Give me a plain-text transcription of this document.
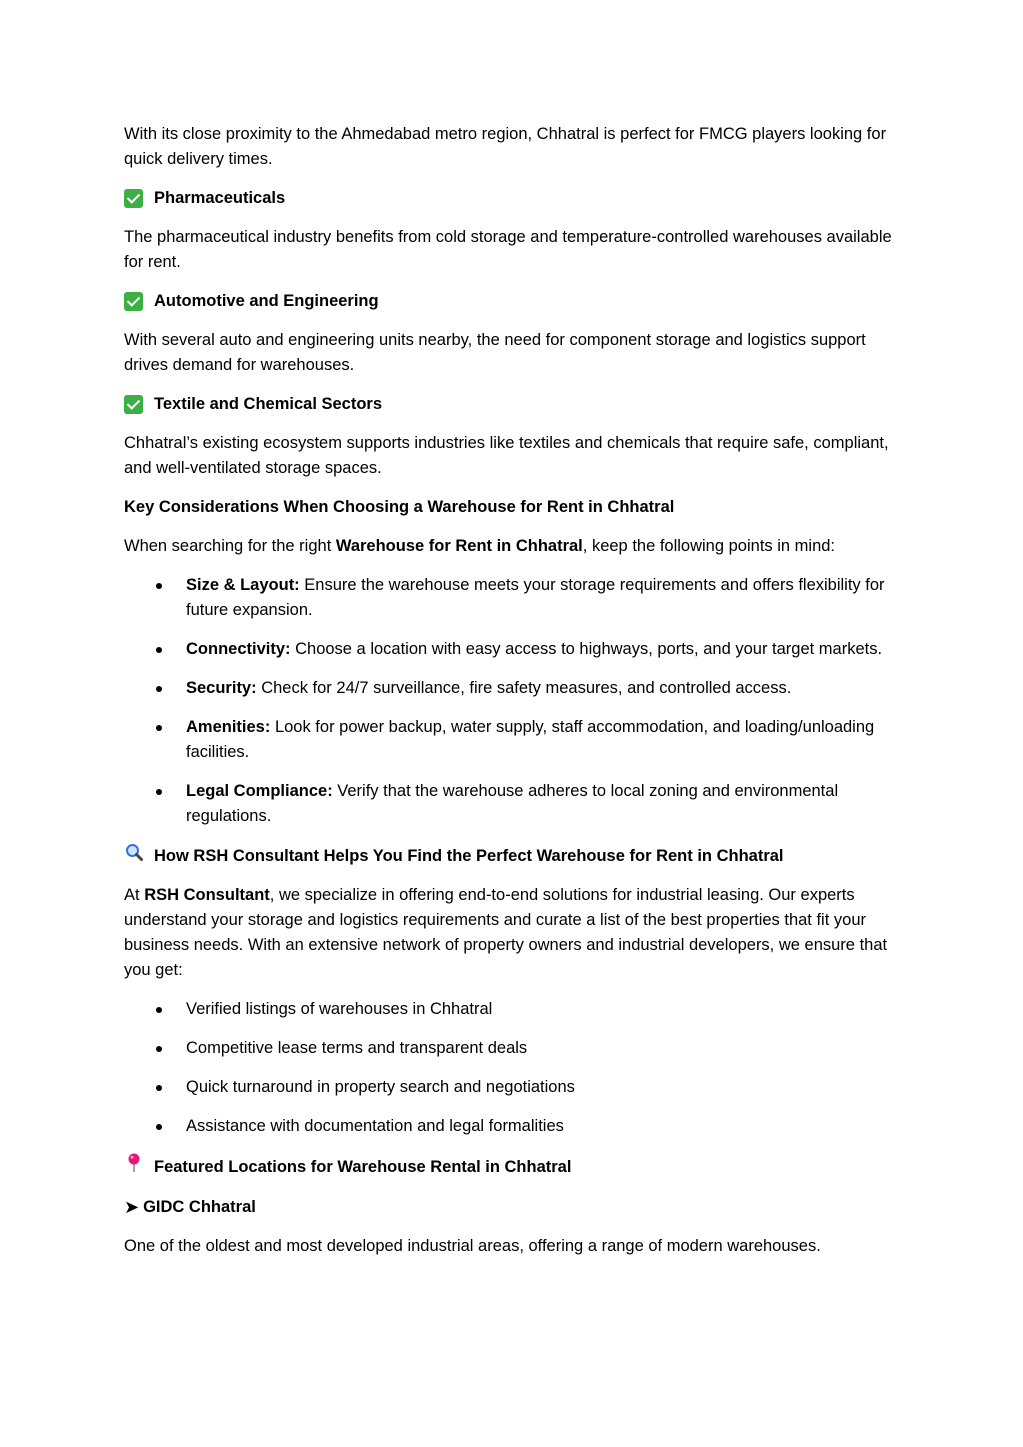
With its close proximity to the Ahmedabad metro region, Chhatral is perfect for FMCG players looking for quick delivery times.

Pharmaceuticals

The pharmaceutical industry benefits from cold storage and temperature-controlled warehouses available for rent.

Automotive and Engineering

With several auto and engineering units nearby, the need for component storage and logistics support drives demand for warehouses.

Textile and Chemical Sectors

Chhatral’s existing ecosystem supports industries like textiles and chemicals that require safe, compliant, and well-ventilated storage spaces.

Key Considerations When Choosing a Warehouse for Rent in Chhatral

When searching for the right Warehouse for Rent in Chhatral, keep the following points in mind:

Size & Layout: Ensure the warehouse meets your storage requirements and offers flexibility for future expansion.
Connectivity: Choose a location with easy access to highways, ports, and your target markets.
Security: Check for 24/7 surveillance, fire safety measures, and controlled access.
Amenities: Look for power backup, water supply, staff accommodation, and loading/unloading facilities.
Legal Compliance: Verify that the warehouse adheres to local zoning and environmental regulations.
How RSH Consultant Helps You Find the Perfect Warehouse for Rent in Chhatral

At RSH Consultant, we specialize in offering end-to-end solutions for industrial leasing. Our experts understand your storage and logistics requirements and curate a list of the best properties that fit your business needs. With an extensive network of property owners and industrial developers, we ensure that you get:

Verified listings of warehouses in Chhatral
Competitive lease terms and transparent deals
Quick turnaround in property search and negotiations
Assistance with documentation and legal formalities
Featured Locations for Warehouse Rental in Chhatral
➤ GIDC Chhatral

One of the oldest and most developed industrial areas, offering a range of modern warehouses.
